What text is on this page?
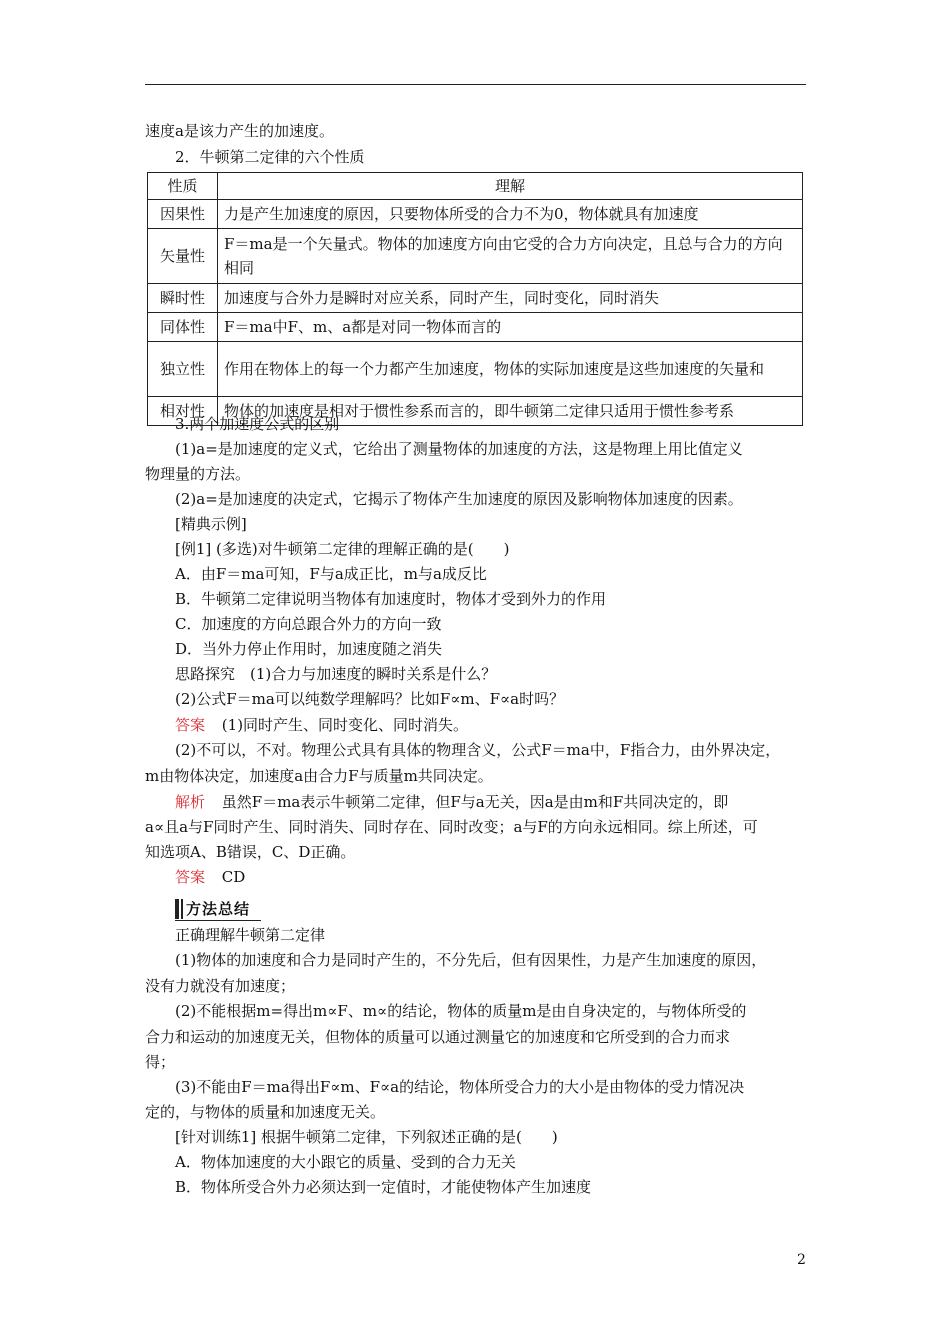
速度a是该力产生的加速度。
2．牛顿第二定律的六个性质
性质	理解
因果性	力是产生加速度的原因，只要物体所受的合力不为0，物体就具有加速度
矢量性	F＝ma是一个矢量式。物体的加速度方向由它受的合力方向决定，且总与合力的方向相同
瞬时性	加速度与合外力是瞬时对应关系，同时产生，同时变化，同时消失
同体性	F＝ma中F、m、a都是对同一物体而言的
独立性	作用在物体上的每一个力都产生加速度，物体的实际加速度是这些加速度的矢量和
相对性	物体的加速度是相对于惯性参系而言的，即牛顿第二定律只适用于惯性参考系
3.两个加速度公式的区别
(1)a=是加速度的定义式，它给出了测量物体的加速度的方法，这是物理上用比值定义
物理量的方法。
(2)a=是加速度的决定式，它揭示了物体产生加速度的原因及影响物体加速度的因素。
[精典示例]
[例1] (多选)对牛顿第二定律的理解正确的是(　　)
A．由F＝ma可知，F与a成正比，m与a成反比
B．牛顿第二定律说明当物体有加速度时，物体才受到外力的作用
C．加速度的方向总跟合外力的方向一致
D．当外力停止作用时，加速度随之消失
思路探究　(1)合力与加速度的瞬时关系是什么？
(2)公式F＝ma可以纯数学理解吗？比如F∝m、F∝a时吗？
答案 (1)同时产生、同时变化、同时消失。
(2)不可以，不对。物理公式具有具体的物理含义，公式F＝ma中，F指合力，由外界决定，
m由物体决定，加速度a由合力F与质量m共同决定。
解析 虽然F＝ma表示牛顿第二定律，但F与a无关，因a是由m和F共同决定的，即
a∝且a与F同时产生、同时消失、同时存在、同时改变；a与F的方向永远相同。综上所述，可
知选项A、B错误，C、D正确。
答案 CD
方法总结
正确理解牛顿第二定律
(1)物体的加速度和合力是同时产生的，不分先后，但有因果性，力是产生加速度的原因，
没有力就没有加速度；
(2)不能根据m=得出m∝F、m∝的结论，物体的质量m是由自身决定的，与物体所受的
合力和运动的加速度无关，但物体的质量可以通过测量它的加速度和它所受到的合力而求
得；
(3)不能由F＝ma得出F∝m、F∝a的结论，物体所受合力的大小是由物体的受力情况决
定的，与物体的质量和加速度无关。
[针对训练1] 根据牛顿第二定律，下列叙述正确的是(　　)
A．物体加速度的大小跟它的质量、受到的合力无关
B．物体所受合外力必须达到一定值时，才能使物体产生加速度
2
